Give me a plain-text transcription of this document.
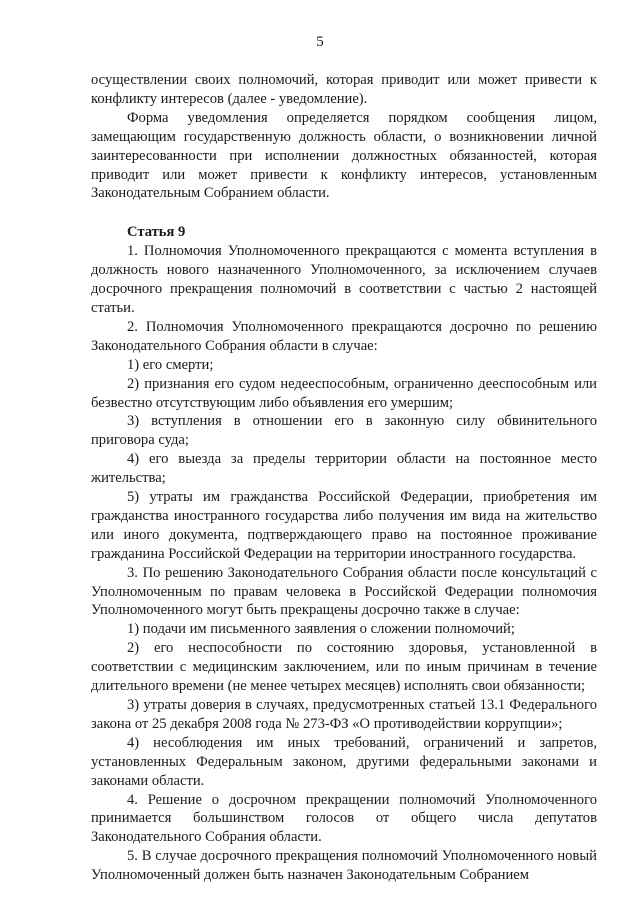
5

осуществлении своих полномочий, которая приводит или может привести к конфликту интересов (далее - уведомление).

Форма уведомления определяется порядком сообщения лицом, замещающим государственную должность области, о возникновении личной заинтересованности при исполнении должностных обязанностей, которая приводит или может привести к конфликту интересов, установленным Законодательным Собранием области.

Статья 9

1. Полномочия Уполномоченного прекращаются с момента вступления в должность нового назначенного Уполномоченного, за исключением случаев досрочного прекращения полномочий в соответствии с частью 2 настоящей статьи.

2. Полномочия Уполномоченного прекращаются досрочно по решению Законодательного Собрания области в случае:

1) его смерти;

2) признания его судом недееспособным, ограниченно дееспособным или безвестно отсутствующим либо объявления его умершим;

3) вступления в отношении его в законную силу обвинительного приговора суда;

4) его выезда за пределы территории области на постоянное место жительства;

5) утраты им гражданства Российской Федерации, приобретения им гражданства иностранного государства либо получения им вида на жительство или иного документа, подтверждающего право на постоянное проживание гражданина Российской Федерации на территории иностранного государства.

3. По решению Законодательного Собрания области после консультаций с Уполномоченным по правам человека в Российской Федерации полномочия Уполномоченного могут быть прекращены досрочно также в случае:

1) подачи им письменного заявления о сложении полномочий;

2) его неспособности по состоянию здоровья, установленной в соответствии с медицинским заключением, или по иным причинам в течение длительного времени (не менее четырех месяцев) исполнять свои обязанности;

3) утраты доверия в случаях, предусмотренных статьей 13.1 Федерального закона от 25 декабря 2008 года № 273-ФЗ «О противодействии коррупции»;

4) несоблюдения им иных требований, ограничений и запретов, установленных Федеральным законом, другими федеральными законами и законами области.

4. Решение о досрочном прекращении полномочий Уполномоченного принимается большинством голосов от общего числа депутатов Законодательного Собрания области.

5. В случае досрочного прекращения полномочий Уполномоченного новый Уполномоченный должен быть назначен Законодательным Собранием
